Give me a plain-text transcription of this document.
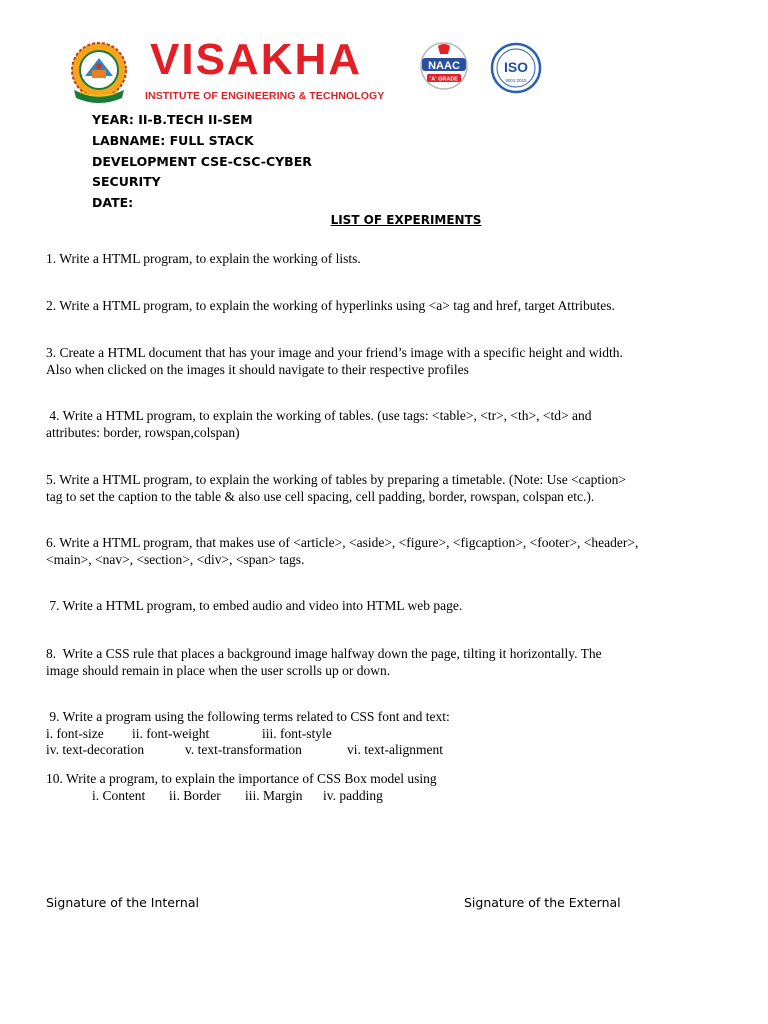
VISAKHA
INSTITUTE OF ENGINEERING & TECHNOLOGY
NAAC
'A' GRADE
ISO
9001:2015
YEAR: II-B.TECH II-SEM
LABNAME: FULL STACK
DEVELOPMENT CSE-CSC-CYBER
SECURITY
DATE:
LIST OF EXPERIMENTS

1. Write a HTML program, to explain the working of lists.

2. Write a HTML program, to explain the working of hyperlinks using <a> tag and href, target Attributes.

3. Create a HTML document that has your image and your friend’s image with a specific height and width.

Also when clicked on the images it should navigate to their respective profiles

4. Write a HTML program, to explain the working of tables. (use tags: <table>, <tr>, <th>, <td> and

attributes: border, rowspan,colspan)

5. Write a HTML program, to explain the working of tables by preparing a timetable. (Note: Use <caption>

tag to set the caption to the table & also use cell spacing, cell padding, border, rowspan, colspan etc.).

6. Write a HTML program, that makes use of <article>, <aside>, <figure>, <figcaption>, <footer>, <header>,

<main>, <nav>, <section>, <div>, <span> tags.

7. Write a HTML program, to embed audio and video into HTML web page.

8.  Write a CSS rule that places a background image halfway down the page, tilting it horizontally. The

image should remain in place when the user scrolls up or down.

9. Write a program using the following terms related to CSS font and text:

i. font-size	ii. font-weight	iii. font-style
iv. text-decoration	v. text-transformation	vi. text-alignment

10. Write a program, to explain the importance of CSS Box model using

i. Content	ii. Border	iii. Margin	iv. padding
Signature of the Internal	Signature of the External
